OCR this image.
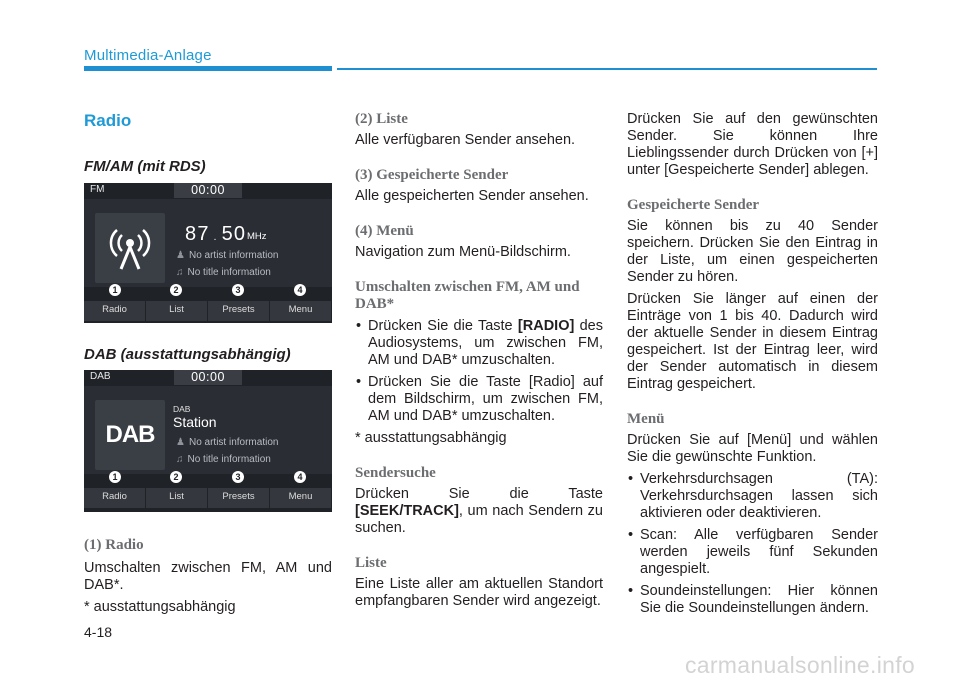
Multimedia-Anlage
Radio
FM/AM (mit RDS)
FM	00:00
87 . 50 MHz
♟ No artist information
♫ No title information
1	2	3	4
Radio	List	Presets	Menu
DAB (ausstattungsabhängig)
DAB	00:00
DAB
DAB
Station
♟ No artist information
♫ No title information
1	2	3	4
Radio	List	Presets	Menu

(1) Radio

Umschalten zwischen FM, AM und

DAB*.

* ausstattungsabhängig

(2) Liste

Alle verfügbaren Sender ansehen.

(3) Gespeicherte Sender

Alle gespeicherten Sender ansehen.

(4) Menü

Navigation zum Menü-Bildschirm.

Umschalten zwischen FM, AM und DAB*

• Drücken Sie die Taste [RADIO] des Audiosystems, um zwischen FM, AM und DAB* umzuschalten.
• Drücken Sie die Taste [Radio] auf dem Bildschirm, um zwischen FM, AM und DAB* umzuschalten.

* ausstattungsabhängig

Sendersuche

Drücken Sie die Taste [SEEK/TRACK], um nach Sendern zu suchen.

Liste

Eine Liste aller am aktuellen Standort empfangbaren Sender wird angezeigt.

Drücken Sie auf den gewünschten Sender. Sie können Ihre Lieblingssender durch Drücken von [+] unter [Gespeicherte Sender] ablegen.

Gespeicherte Sender

Sie können bis zu 40 Sender speichern. Drücken Sie den Eintrag in der Liste, um einen gespeicherten Sender zu hören.

Drücken Sie länger auf einen der Einträge von 1 bis 40. Dadurch wird der aktuelle Sender in diesem Eintrag gespeichert. Ist der Eintrag leer, wird der Sender automatisch in diesem Eintrag gespeichert.

Menü

Drücken Sie auf [Menü] und wählen Sie die gewünschte Funktion.

• Verkehrsdurchsagen (TA): Verkehrsdurchsagen lassen sich aktivieren oder deaktivieren.
• Scan: Alle verfügbaren Sender werden jeweils fünf Sekunden angespielt.
• Soundeinstellungen: Hier können Sie die Soundeinstellungen ändern.
4-18
carmanualsonline.info
